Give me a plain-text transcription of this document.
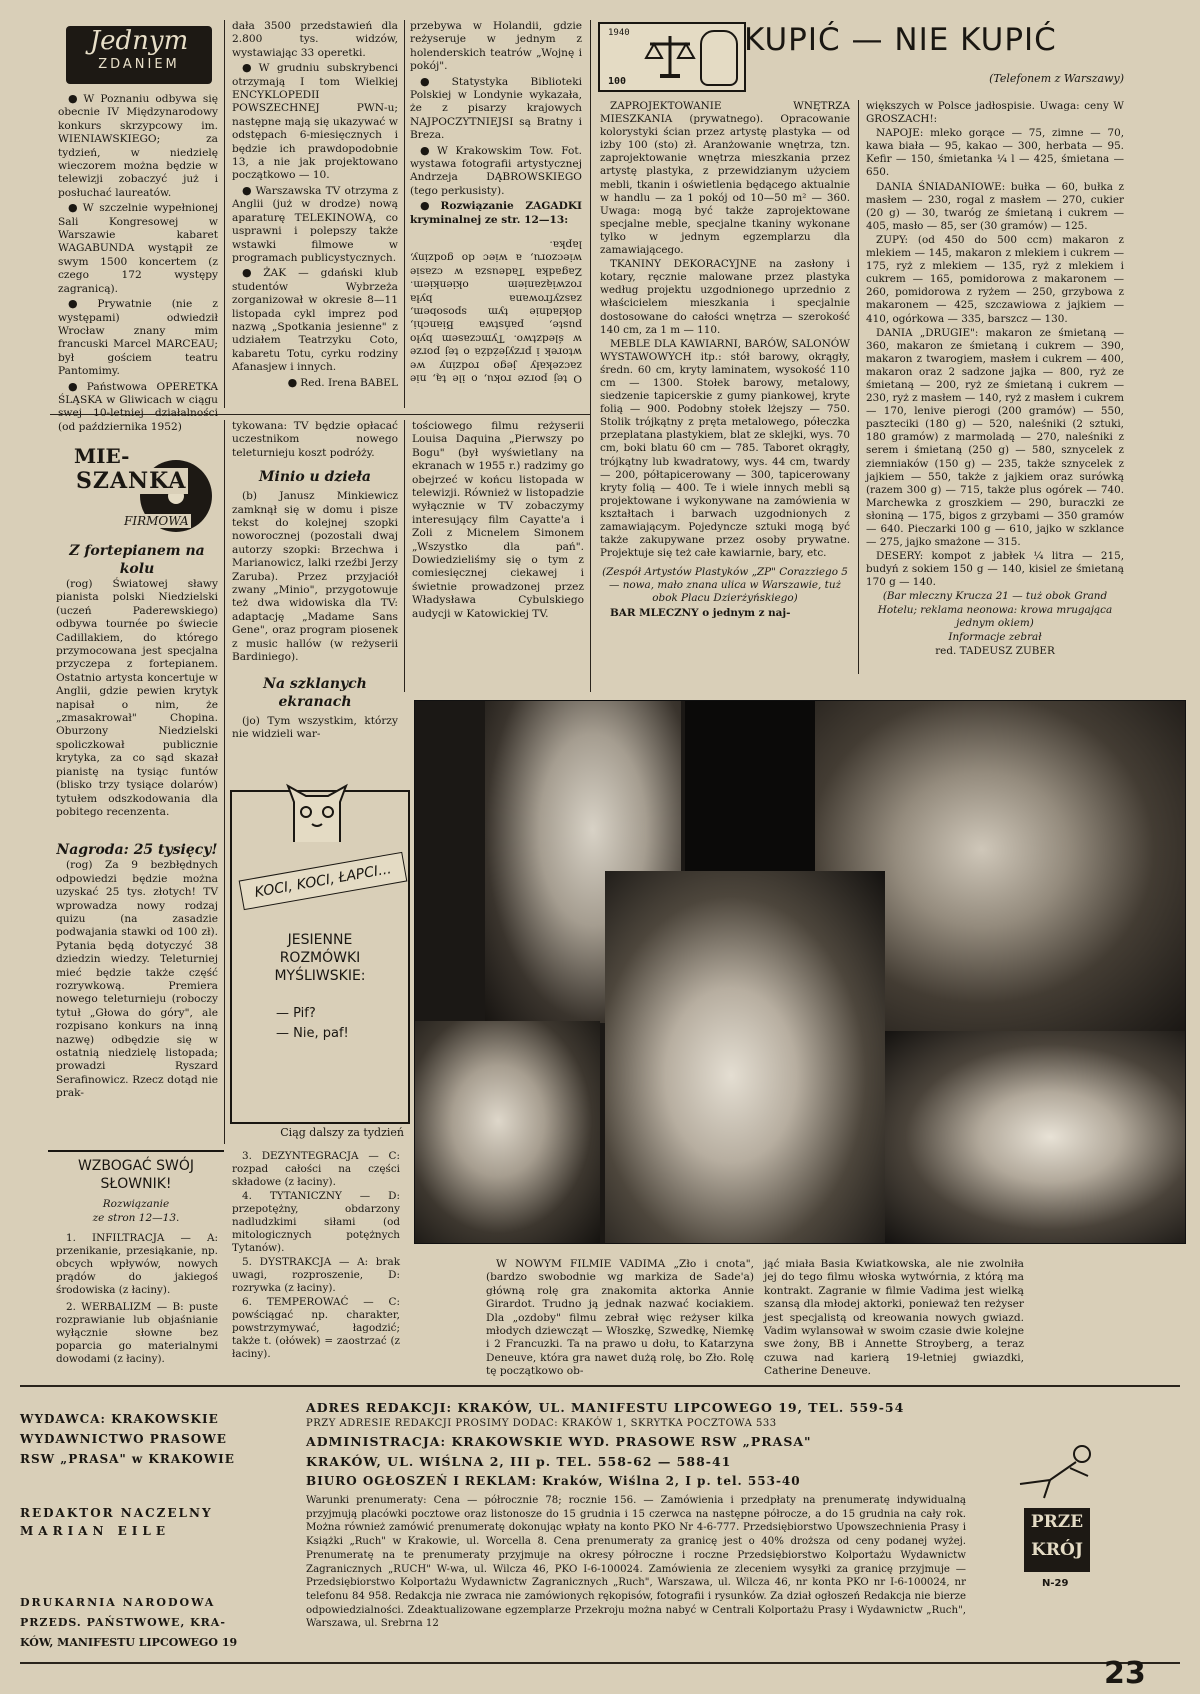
Jednym
ZDANIEM

● W Poznaniu odbywa się obecnie IV Międzynarodowy konkurs skrzypcowy im. WIENIAWSKIEGO; za tydzień, w niedzielę wieczorem można będzie w telewizji zobaczyć już i posłuchać laureatów.

● W szczelnie wypełnionej Sali Kongresowej w Warszawie kabaret WAGABUNDA wystąpił ze swym 1500 koncertem (z czego 172 występy zagranicą).

● Prywatnie (nie z występami) odwiedził Wrocław znany mim francuski Marcel MARCEAU; był gościem teatru Pantomimy.

● Państwowa OPERETKA ŚLĄSKA w Gliwicach w ciągu (od października 1952)

dała 3500 przedstawień dla 2.800 tys. widzów, wystawiając 33 operetki.

● W grudniu subskrybenci otrzymają I tom Wielkiej ENCYKLOPEDII POWSZECHNEJ PWN-u; następne mają się ukazywać w odstępach 6-miesięcznych i będzie ich prawdopodobnie 13, a nie jak projektowano początkowo — 10.

● Warszawska TV otrzyma z Anglii (już w drodze) nową aparaturę TELEKINOWĄ, co usprawni i polepszy także wstawki filmowe w programach publicystycznych.

● ŻAK — gdański klub studentów Wybrzeża zorganizował w okresie 8—11 listopada cykl imprez pod nazwą „Spotkania jesienne" z udziałem Teatrzyku Coto, kabaretu Totu, cyrku rodziny Afanasjew i innych.

● Red. Irena BABEL

przebywa w Holandii, gdzie reżyseruje w jednym z holenderskich teatrów „Wojnę i pokój".

● Statystyka Biblioteki Polskiej w Londynie wykazała, że z pisarzy krajowych NAJPOCZYTNIEJSI są Bratny i Breza.

● W Krakowskim Tow. Fot. wystawa fotografii artystycznej Andrzeja DĄBROWSKIEGO (tego perkusisty).

● Rozwiązanie ZAGADKI kryminalnej ze str. 12—13:

O tej porze roku, o ile tą, nie zaczekały jego rodziny we wtorek i przyjeżdża o tej porze w śledztwo. Tymczasem było puste, państwa Bianchi, dokładnie tym sposobem, zaszyfrowana była rozwiązaniem okienkiem. Zagadka Tadeusza w czasie wieczoru, a wiec do godziny, lapka.

1940
100
KUPIĆ — NIE KUPIĆ
(Telefonem z Warszawy)

ZAPROJEKTOWANIE WNĘTRZA MIESZKANIA (prywatnego). Opracowanie kolorystyki ścian przez artystę plastyka — od izby 100 (sto) zł. Aranżowanie wnętrza, tzn. zaprojektowanie wnętrza mieszkania przez artystę plastyka, z przewidzianym użyciem mebli, tkanin i oświetlenia będącego aktualnie w handlu — za 1 pokój od 10—50 m² — 360. Uwaga: mogą być także zaprojektowane specjalne meble, specjalne tkaniny wykonane tylko w jednym egzemplarzu dla zamawiającego.

TKANINY DEKORACYJNE na zasłony i kotary, ręcznie malowane przez plastyka według projektu uzgodnionego uprzednio z właścicielem mieszkania i specjalnie dostosowane do całości wnętrza — szerokość 140 cm, za 1 m — 110.

MEBLE DLA KAWIARNI, BARÓW, SALONÓW WYSTAWOWYCH itp.: stół barowy, okrągły, średn. 60 cm, kryty laminatem, wysokość 110 cm — 1300. Stołek barowy, metalowy, siedzenie tapicerskie z gumy piankowej, kryte folią — 900. Podobny stołek lżejszy — 750. Stolik trójkątny z pręta metalowego, półeczka przeplatana plastykiem, blat ze sklejki, wys. 70 cm, boki blatu 60 cm — 785. Taboret okrągły, trójkątny lub kwadratowy, wys. 44 cm, twardy — 200, półtapicerowany — 300, tapicerowany kryty folią — 400. Te i wiele innych mebli są projektowane i wykonywane na zamówienia w kształtach i barwach uzgodnionych z zamawiającym. Pojedyncze sztuki mogą być także zakupywane przez osoby prywatne. Projektuje się też całe kawiarnie, bary, etc.

(Zespół Artystów Plastyków „ZP" Corazziego 5 — nowa, mało znana ulica w Warszawie, tuż obok Placu Dzierżyńskiego)

BAR MLECZNY o jednym z naj-

większych w Polsce jadłospisie. Uwaga: ceny W GROSZACH!:

NAPOJE: mleko gorące — 75, zimne — 70, kawa biała — 95, kakao — 300, herbata — 95. Kefir — 150, śmietanka ¼ l — 425, śmietana — 650.

DANIA ŚNIADANIOWE: bułka — 60, bułka z masłem — 230, rogal z masłem — 270, cukier (20 g) — 30, twaróg ze śmietaną i cukrem — 405, masło — 85, ser (30 gramów) — 125.

ZUPY: (od 450 do 500 ccm) makaron z mlekiem — 145, makaron z mlekiem i cukrem — 175, ryż z mlekiem — 135, ryż z mlekiem i cukrem — 165, pomidorowa z makaronem — 260, pomidorowa z ryżem — 250, grzybowa z makaronem — 425, szczawiowa z jajkiem — 410, ogórkowa — 335, barszcz — 130.

DANIA „DRUGIE": makaron ze śmietaną — 360, makaron ze śmietaną i cukrem — 390, makaron z twarogiem, masłem i cukrem — 400, makaron oraz 2 sadzone jajka — 800, ryż ze śmietaną — 200, ryż ze śmietaną i cukrem — 230, ryż z masłem — 140, ryż z masłem i cukrem — 170, lenive pierogi (200 gramów) — 550, paszteciki (180 g) — 520, naleśniki (2 sztuki, 180 gramów) z marmoladą — 270, naleśniki z serem i śmietaną (250 g) — 580, sznycelek z ziemniaków (150 g) — 235, także sznycelek z jajkiem — 550, także z jajkiem oraz surówką (razem 300 g) — 715, także plus ogórek — 740. Marchewka z groszkiem — 290, buraczki ze słoniną — 175, bigos z grzybami — 350 gramów — 640. Pieczarki 100 g — 610, jajko w szklance — 275, jajko smażone — 315.

DESERY: kompot z jabłek ¼ litra — 215, budyń z sokiem 150 g — 140, kisiel ze śmietaną 170 g — 140.

(Bar mleczny Krucza 21 — tuż obok Grand Hotelu; reklama neonowa: krowa mrugająca jednym okiem)

Informacje zebrał

red. TADEUSZ ZUBER

MIE-
SZANKA
FIRMOWA
Z fortepianem na kolu

(rog) Światowej sławy pianista polski Niedzielski (uczeń Paderewskiego) odbywa tournée po świecie Cadillakiem, do którego przymocowana jest specjalna przyczepa z fortepianem. Ostatnio artysta koncertuje w Anglii, gdzie pewien krytyk napisał o nim, że „zmasakrował" Chopina. Oburzony Niedzielski spoliczkował publicznie krytyka, za co sąd skazał pianistę na tysiąc funtów (blisko trzy tysiące dolarów) tytułem odszkodowania dla pobitego recenzenta.

Nagroda: 25 tysięcy!

(rog) Za 9 bezbłędnych odpowiedzi będzie można uzyskać 25 tys. złotych! TV wprowadza nowy rodzaj quizu (na zasadzie podwajania stawki od 100 zł). Pytania będą dotyczyć 38 dziedzin wiedzy. Teleturniej mieć będzie także część rozrywkową. Premiera nowego teleturnieju (roboczy tytuł „Głowa do góry", ale rozpisano konkurs na inną nazwę) odbędzie się w ostatnią niedzielę listopada; prowadzi Ryszard Serafinowicz. Rzecz dotąd nie prak-

tykowana: TV będzie opłacać uczestnikom nowego teleturnieju koszt podróży.

Minio u dzieła

(b) Janusz Minkiewicz zamknął się w domu i pisze tekst do kolejnej szopki noworocznej (pozostali dwaj autorzy szopki: Brzechwa i Marianowicz, lalki rzeźbi Jerzy Zaruba). Przez przyjaciół zwany „Minio", przygotowuje też dwa widowiska dla TV: adaptację „Madame Sans Gene", oraz program piosenek z music hallów (w reżyserii Bardiniego).

Na szklanych ekranach

(jo) Tym wszystkim, którzy nie widzieli war-

KOCI, KOCI, ŁAPCI...
JESIENNE
ROZMÓWKI
MYŚLIWSKIE:
— Pif?
— Nie, paf!
Ciąg dalszy za tydzień

tościowego filmu reżyserii Louisa Daquina „Pierwszy po Bogu" (był wyświetlany na ekranach w 1955 r.) radzimy go obejrzeć w końcu listopada w telewizji. Również w listopadzie wyłącznie w TV zobaczymy interesujący film Cayatte'a i Zoli z Micnelem Simonem „Wszystko dla pań". Dowiedzieliśmy się o tym z comiesięcznej ciekawej i świetnie prowadzonej przez Władysława Cybulskiego audycji w Katowickiej TV.

W NOWYM FILMIE VADIMA „Zło i cnota", (bardzo swobodnie wg markiza de Sade'a) główną rolę gra znakomita aktorka Annie Girardot. Trudno ją jednak nazwać kociakiem. Dla „ozdoby" filmu zebrał więc reżyser kilka młodych dziewcząt — Włoszkę, Szwedkę, Niemkę i 2 Francuzki. Ta na prawo u dołu, to Katarzyna Deneuve, która gra nawet dużą rolę, bo Zło. Rolę tę początkowo ob-

jąć miała Basia Kwiatkowska, ale nie zwolniła jej do tego filmu włoska wytwórnia, z którą ma kontrakt. Zagranie w filmie Vadima jest wielką szansą dla młodej aktorki, ponieważ ten reżyser jest specjalistą od kreowania nowych gwiazd. Vadim wylansował w swoim czasie dwie kolejne swe żony, BB i Annette Stroyberg, a teraz czuwa nad karierą 19-letniej gwiazdki, Catherine Deneuve.

WZBOGAĆ SWÓJ
SŁOWNIK!
Rozwiązanie
ze stron 12—13.

1. INFILTRACJA — A: przenikanie, przesiąkanie, np. obcych wpływów, nowych prądów do jakiegoś środowiska (z łaciny).

2. WERBALIZM — B: puste rozprawianie lub objaśnianie wyłącznie słowne bez poparcia go materialnymi dowodami (z łaciny).

3. DEZYNTEGRACJA — C: rozpad całości na części składowe (z łaciny).

4. TYTANICZNY — D: przepotężny, obdarzony nadludzkimi siłami (od mitologicznych potężnych Tytanów).

5. DYSTRAKCJA — A: brak uwagi, rozproszenie, D: rozrywka (z łaciny).

6. TEMPEROWAĆ — C: powściągać np. charakter, powstrzymywać, łagodzić; także t. (ołówek) = zaostrzać (z łaciny).

WYDAWCA: KRAKOWSKIE
WYDAWNICTWO PRASOWE
RSW „PRASA" w KRAKOWIE
REDAKTOR NACZELNY
MARIAN EILE
DRUKARNIA NARODOWA
PRZEDS. PAŃSTWOWE, KRA-
KÓW, MANIFESTU LIPCOWEGO 19
ADRES REDAKCJI: KRAKÓW, UL. MANIFESTU LIPCOWEGO 19, TEL. 559-54
PRZY ADRESIE REDAKCJI PROSIMY DODAC: KRAKÓW 1, SKRYTKA POCZTOWA 533
ADMINISTRACJA: KRAKOWSKIE WYD. PRASOWE RSW „PRASA"
KRAKÓW, UL. WIŚLNA 2, III p. TEL. 558-62 — 588-41
BIURO OGŁOSZEŃ I REKLAM: Kraków, Wiślna 2, I p. tel. 553-40
Warunki prenumeraty: Cena — półrocznie 78; rocznie 156. — Zamówienia i przedpłaty na prenumeratę indywidualną przyjmują placówki pocztowe oraz listonosze do 15 grudnia i 15 czerwca na następne półrocze, a do 15 grudnia na cały rok. Można również zamówić prenumeratę dokonując wpłaty na konto PKO Nr 4-6-777. Przedsiębiorstwo Upowszechnienia Prasy i Książki „Ruch" w Krakowie, ul. Worcella 8. Cena prenumeraty za granicę jest o 40% droższa od ceny podanej wyżej. Prenumeratę na te prenumeraty przyjmuje na okresy półroczne i roczne Przedsiębiorstwo Kolportażu Wydawnictw Zagranicznych „RUCH" W-wa, ul. Wilcza 46, PKO I-6-100024. Zamówienia ze zleceniem wysyłki za granicę przyjmuje — Przedsiębiorstwo Kolportażu Wydawnictw Zagranicznych „Ruch", Warszawa, ul. Wilcza 46, nr konta PKO nr I-6-100024, nr telefonu 84 958. Redakcja nie zwraca nie zamówionych rękopisów, fotografii i rysunków. Za dział ogłoszeń Redakcja nie bierze odpowiedzialności. Zdeaktualizowane egzemplarze Przekroju można nabyć w Centrali Kolportażu Prasy i Wydawnictw „Ruch", Warszawa, ul. Srebrna 12
PRZE
KRÓJ
N-29
23
